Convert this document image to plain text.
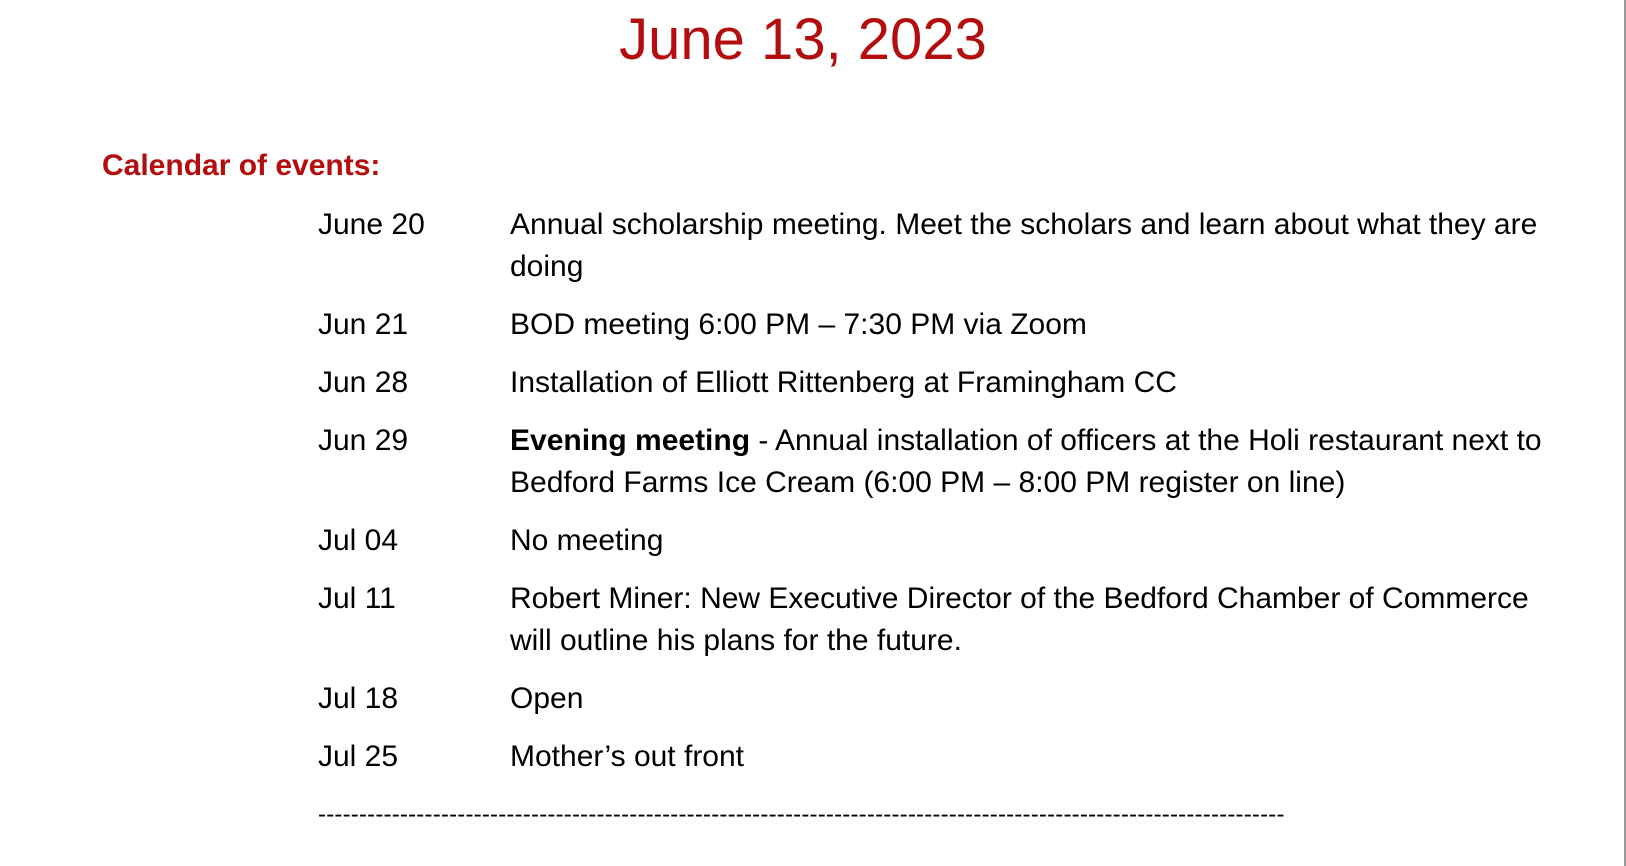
June 13, 2023
Calendar of events:
June 20	Annual scholarship meeting. Meet the scholars and learn about what they are doing
Jun 21	BOD meeting 6:00 PM – 7:30 PM via Zoom
Jun 28	Installation of Elliott Rittenberg at Framingham CC
Jun 29	Evening meeting - Annual installation of officers at the Holi restaurant next to Bedford Farms Ice Cream (6:00 PM – 8:00 PM register on line)
Jul 04	No meeting
Jul 11	Robert Miner: New Executive Director of the Bedford Chamber of Commerce will outline his plans for the future.
Jul 18	Open
Jul 25	Mother’s out front
----------------------------------------------------------------------------------------------------------------------
